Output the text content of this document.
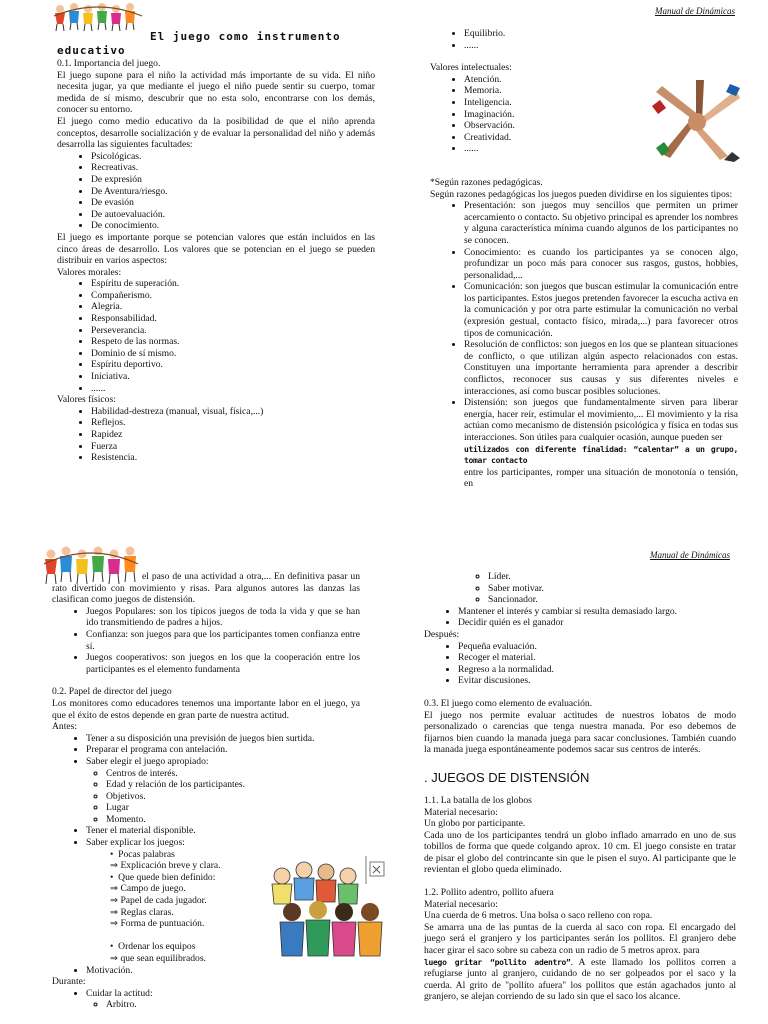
Manual de Dinámicas
El juego como instrumento
educativo

0.1. Importancia del juego.

El juego supone para el niño la actividad más importante de su vida. El niño necesita jugar, ya que mediante el juego el niño puede sentir su cuerpo, tomar medida de sí mismo, descubrir que no esta solo, encontrarse con los demás, conocer su entorno.

El juego como medio educativo da la posibilidad de que el niño aprenda conceptos, desarrolle socialización y de evaluar la personalidad del niño y además desarrolla las siguientes facultades:

• Psicológicas.
• Recreativas.
• De expresión
• De Aventura/riesgo.
• De evasión
• De autoevaluación.
• De conocimiento.

El juego es importante porque se potencian valores que están incluidos en las cinco áreas de desarrollo. Los valores que se potencian en el juego se pueden distribuir en varios aspectos:

Valores morales:

• Espíritu de superación.
• Compañerismo.
• Alegría.
• Responsabilidad.
• Perseverancia.
• Respeto de las normas.
• Dominio de sí mismo.
• Espíritu deportivo.
• Iniciativa.
• ......

Valores físicos:

• Habilidad-destreza (manual, visual, física,...)
• Reflejos.
• Rapidez
• Fuerza
• Resistencia.
• Equilibrio.
• ......

Valores intelectuales:

• Atención.
• Memoria.
• Inteligencia.
• Imaginación.
• Observación.
• Creatividad.
• ......

*Según razones pedagógicas.

Según razones pedagógicas los juegos pueden dividirse en los siguientes tipos:

• Presentación: son juegos muy sencillos que permiten un primer acercamiento o contacto. Su objetivo principal es aprender los nombres y alguna característica mínima cuando algunos de los participantes no se conocen.

• Conocimiento: es cuando los participantes ya se conocen algo, profundizar un poco más para conocer sus rasgos, gustos, hobbies, personalidad,...

• Comunicación: son juegos que buscan estimular la comunicación entre los participantes. Estos juegos pretenden favorecer la escucha activa en la comunicación y por otra parte estimular la comunicación no verbal (expresión gestual, contacto físico, mirada,...) para favorecer otros tipos de comunicación.

• Resolución de conflictos: son juegos en los que se plantean situaciones de conflicto, o que utilizan algún aspecto relacionados con estas. Constituyen una importante herramienta para aprender a describir conflictos, reconocer sus causas y sus diferentes niveles e interacciones, así como buscar posibles soluciones.

• Distensión: son juegos que fundamentalmente sirven para liberar energía, hacer reír, estimular el movimiento,... El movimiento y la risa actúan como mecanismo de distensión psicológica y física en todas sus interacciones. Son útiles para cualquier ocasión, aunque pueden ser

utilizados con diferente finalidad: “calentar” a un grupo, tomar contacto

entre los participantes, romper una situación de monotonía o tensión, en

Manual de Dinámicas

el paso de una actividad a otra,... En definitiva pasar un rato divertido con movimiento y risas. Para algunos autores las danzas las clasifican como juegos de distensión.

• Juegos Populares: son los típicos juegos de toda la vida y que se han ido transmitiendo de padres a hijos.

• Confianza: son juegos para que los participantes tomen confianza entre sí.

• Juegos cooperativos: son juegos en los que la cooperación entre los participantes es el elemento fundamenta

0.2. Papel de director del juego

Los monitores como educadores tenemos una importante labor en el juego, ya que el éxito de estos depende en gran parte de nuestra actitud.

Antes:

• Tener a su disposición una previsión de juegos bien surtida.
• Preparar el programa con antelación.
• Saber elegir el juego apropiado:
◦ Centros de interés.
◦ Edad y relación de los participantes.
◦ Objetivos.
◦ Lugar
◦ Momento.
• Tener el material disponible.
• Saber explicar los juegos:
•  Pocas palabras
⇒ Explicación breve y clara.
•  Que quede bien definido:
⇒ Campo de juego.
⇒ Papel de cada jugador.
⇒ Reglas claras.
⇒ Forma de puntuación.
•  Ordenar los equipos
⇒ que sean equilibrados.
• Motivación.

Durante:

• Cuidar la actitud:
◦ Arbitro.
◦ Líder.
◦ Saber motivar.
◦ Sancionador.
• Mantener el interés y cambiar si resulta demasiado largo.
• Decidir quién es el ganador

Después:

• Pequeña evaluación.
• Recoger el material.
• Regreso a la normalidad.
• Evitar discusiones.

0.3. El juego como elemento de evaluación.

El juego nos permite evaluar actitudes de nuestros lobatos de modo personalizado o carencias que tenga nuestra manada. Por eso debemos de fijarnos bien cuando la manada juega para sacar conclusiones. También cuando la manada juega espontáneamente podemos sacar sus centros de interés.

. JUEGOS DE DISTENSIÓN

1.1. La batalla de los globos

Material necesario:

Un globo por participante.

Cada uno de los participantes tendrá un globo inflado amarrado en uno de sus tobillos de forma que quede colgando aprox. 10 cm. El juego consiste en tratar de pisar el globo del contrincante sin que le pisen el suyo. Al participante que le revientan el globo queda eliminado.

1.2. Pollito adentro, pollito afuera

Material necesario:

Una cuerda de 6 metros. Una bolsa o saco relleno con ropa.

Se amarra una de las puntas de la cuerda al saco con ropa. El encargado del juego será el granjero y los participantes serán los pollitos. El granjero debe hacer girar el saco sobre su cabeza con un radio de 5 metros aprox. para

luego gritar “pollito adentro”. A este llamado los pollitos corren a refugiarse junto al granjero, cuidando de no ser golpeados por el saco y la cuerda. Al grito de "pollito afuera" los pollitos que están agachados junto al granjero, se alejan corriendo de su lado sin que el saco los alcance.
